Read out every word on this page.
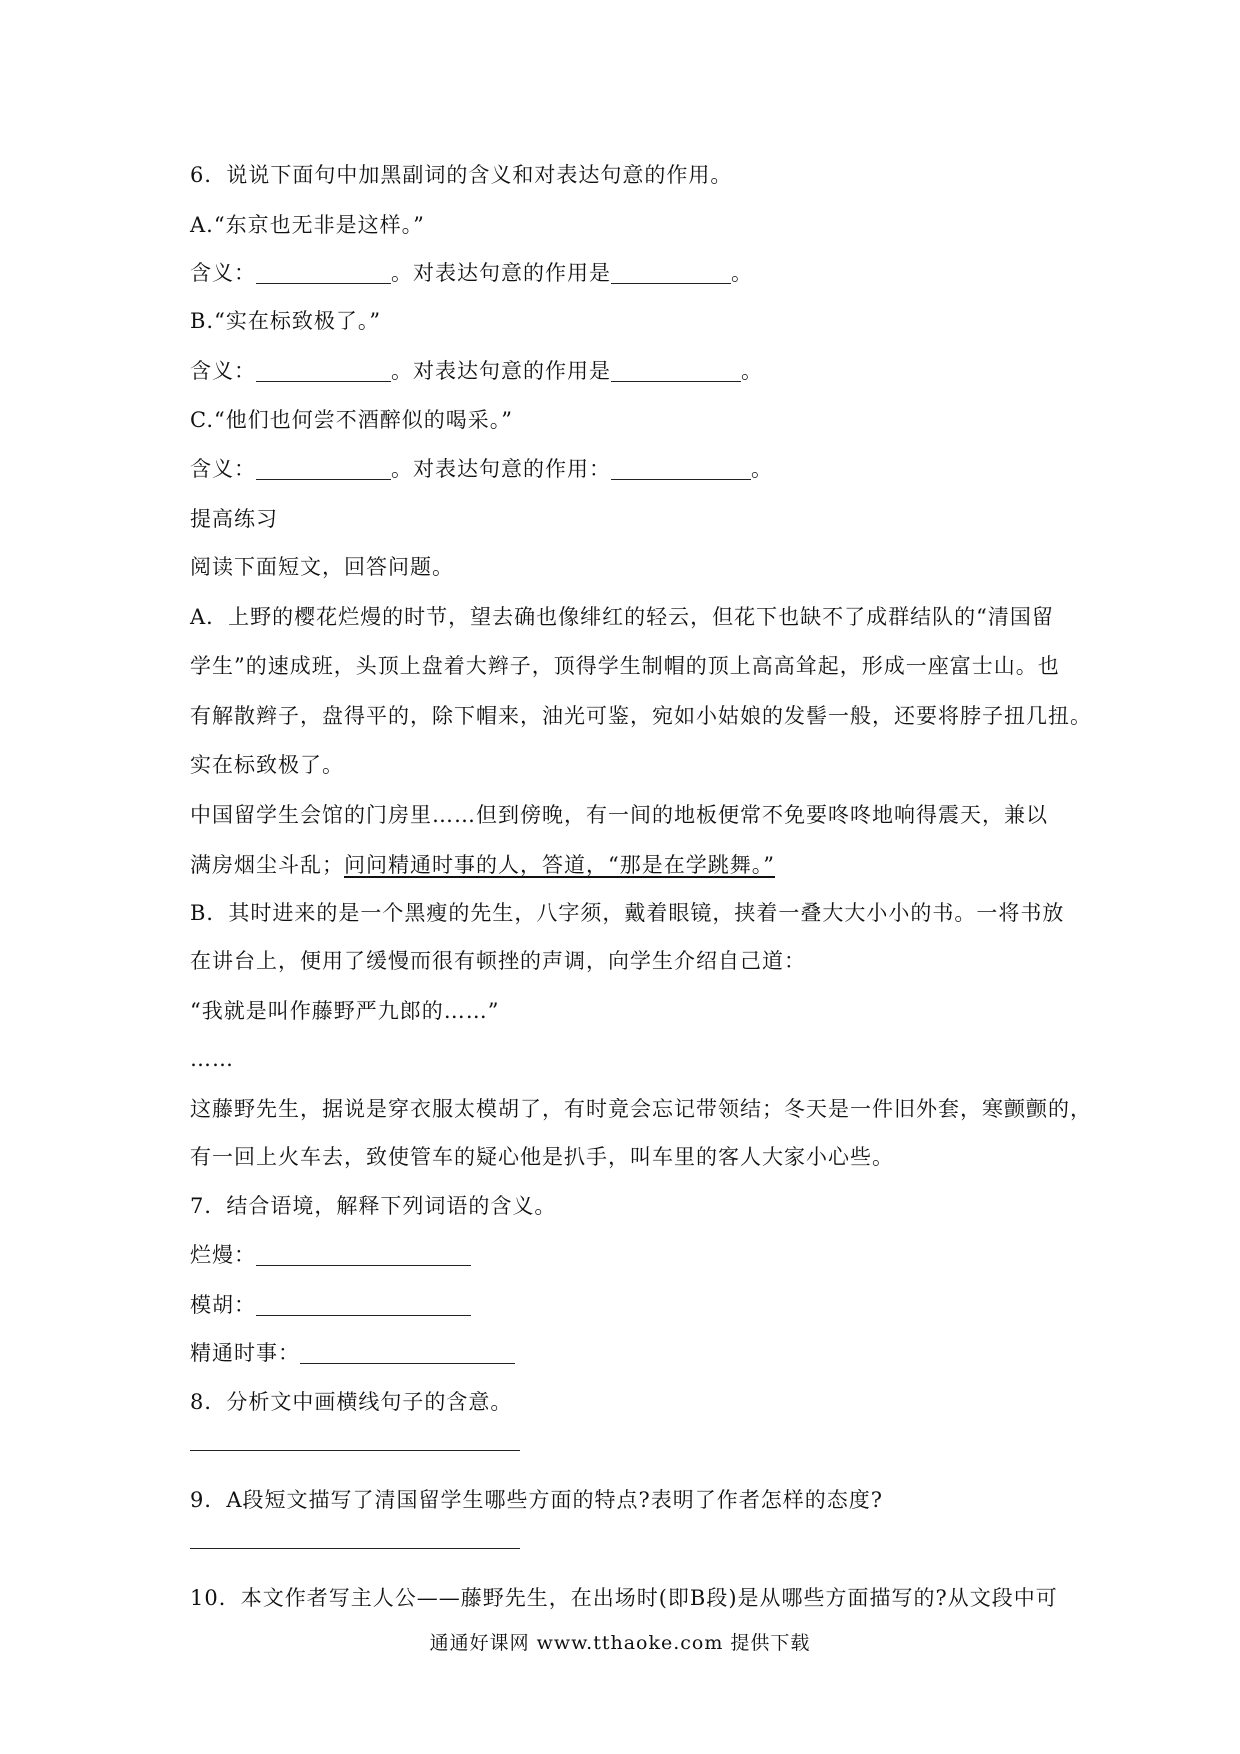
6．说说下面句中加黑副词的含义和对表达句意的作用。
A.“东京也无非是这样。”
含义：	。对表达句意的作用是	。
B.“实在标致极了。”
含义：	。对表达句意的作用是	。
C.“他们也何尝不酒醉似的喝采。”
含义：	。对表达句意的作用：	。
提高练习
阅读下面短文，回答问题。
A．上野的樱花烂熳的时节，望去确也像绯红的轻云，但花下也缺不了成群结队的“清国留
学生”的速成班，头顶上盘着大辫子，顶得学生制帽的顶上高高耸起，形成一座富士山。也
有解散辫子，盘得平的，除下帽来，油光可鉴，宛如小姑娘的发髻一般，还要将脖子扭几扭。
实在标致极了。
中国留学生会馆的门房里……但到傍晚，有一间的地板便常不免要咚咚地响得震天，兼以
满房烟尘斗乱；问问精通时事的人，答道，“那是在学跳舞。”
B．其时进来的是一个黑瘦的先生，八字须，戴着眼镜，挟着一叠大大小小的书。一将书放
在讲台上，便用了缓慢而很有顿挫的声调，向学生介绍自己道：
“我就是叫作藤野严九郎的……”
……
这藤野先生，据说是穿衣服太模胡了，有时竟会忘记带领结；冬天是一件旧外套，寒颤颤的，
有一回上火车去，致使管车的疑心他是扒手，叫车里的客人大家小心些。
7．结合语境，解释下列词语的含义。
烂熳：
模胡：
精通时事：
8．分析文中画横线句子的含意。
9．A段短文描写了清国留学生哪些方面的特点?表明了作者怎样的态度?
10．本文作者写主人公——藤野先生，在出场时(即B段)是从哪些方面描写的?从文段中可
通通好课网 www.tthaoke.com 提供下载
